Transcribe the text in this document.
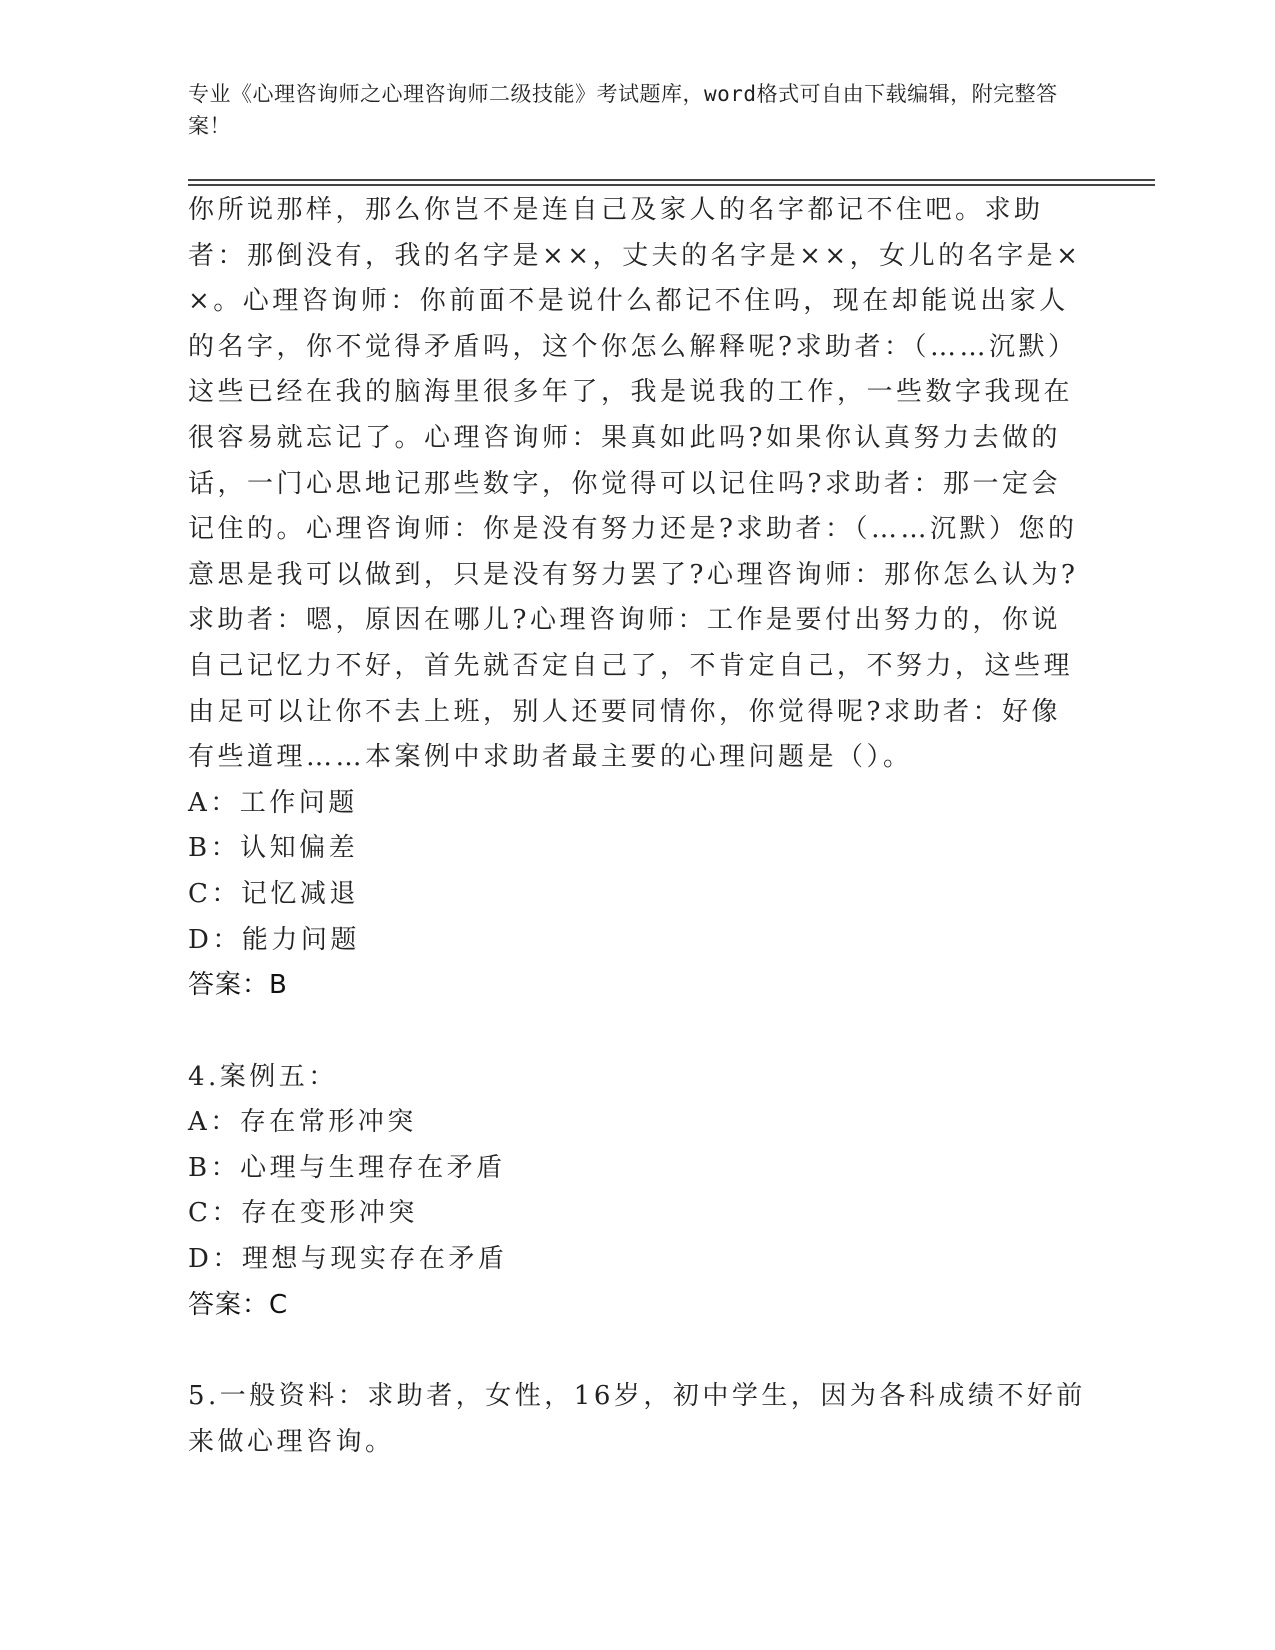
专业《心理咨询师之心理咨询师二级技能》考试题库，word格式可自由下载编辑，附完整答案！

你所说那样，那么你岂不是连自己及家人的名字都记不住吧。求助者：那倒没有，我的名字是××，丈夫的名字是××，女儿的名字是××。心理咨询师：你前面不是说什么都记不住吗，现在却能说出家人的名字，你不觉得矛盾吗，这个你怎么解释呢?求助者：（……沉默）这些已经在我的脑海里很多年了，我是说我的工作，一些数字我现在很容易就忘记了。心理咨询师：果真如此吗?如果你认真努力去做的话，一门心思地记那些数字，你觉得可以记住吗?求助者：那一定会记住的。心理咨询师：你是没有努力还是?求助者：（……沉默）您的意思是我可以做到，只是没有努力罢了?心理咨询师：那你怎么认为?求助者：嗯，原因在哪儿?心理咨询师：工作是要付出努力的，你说自己记忆力不好，首先就否定自己了，不肯定自己，不努力，这些理由足可以让你不去上班，别人还要同情你，你觉得呢?求助者：好像有些道理……本案例中求助者最主要的心理问题是（）。

A：工作问题

B：认知偏差

C：记忆减退

D：能力问题

答案：B

4.案例五：

A：存在常形冲突

B：心理与生理存在矛盾

C：存在变形冲突

D：理想与现实存在矛盾

答案：C

5.一般资料：求助者，女性，16岁，初中学生，因为各科成绩不好前来做心理咨询。
